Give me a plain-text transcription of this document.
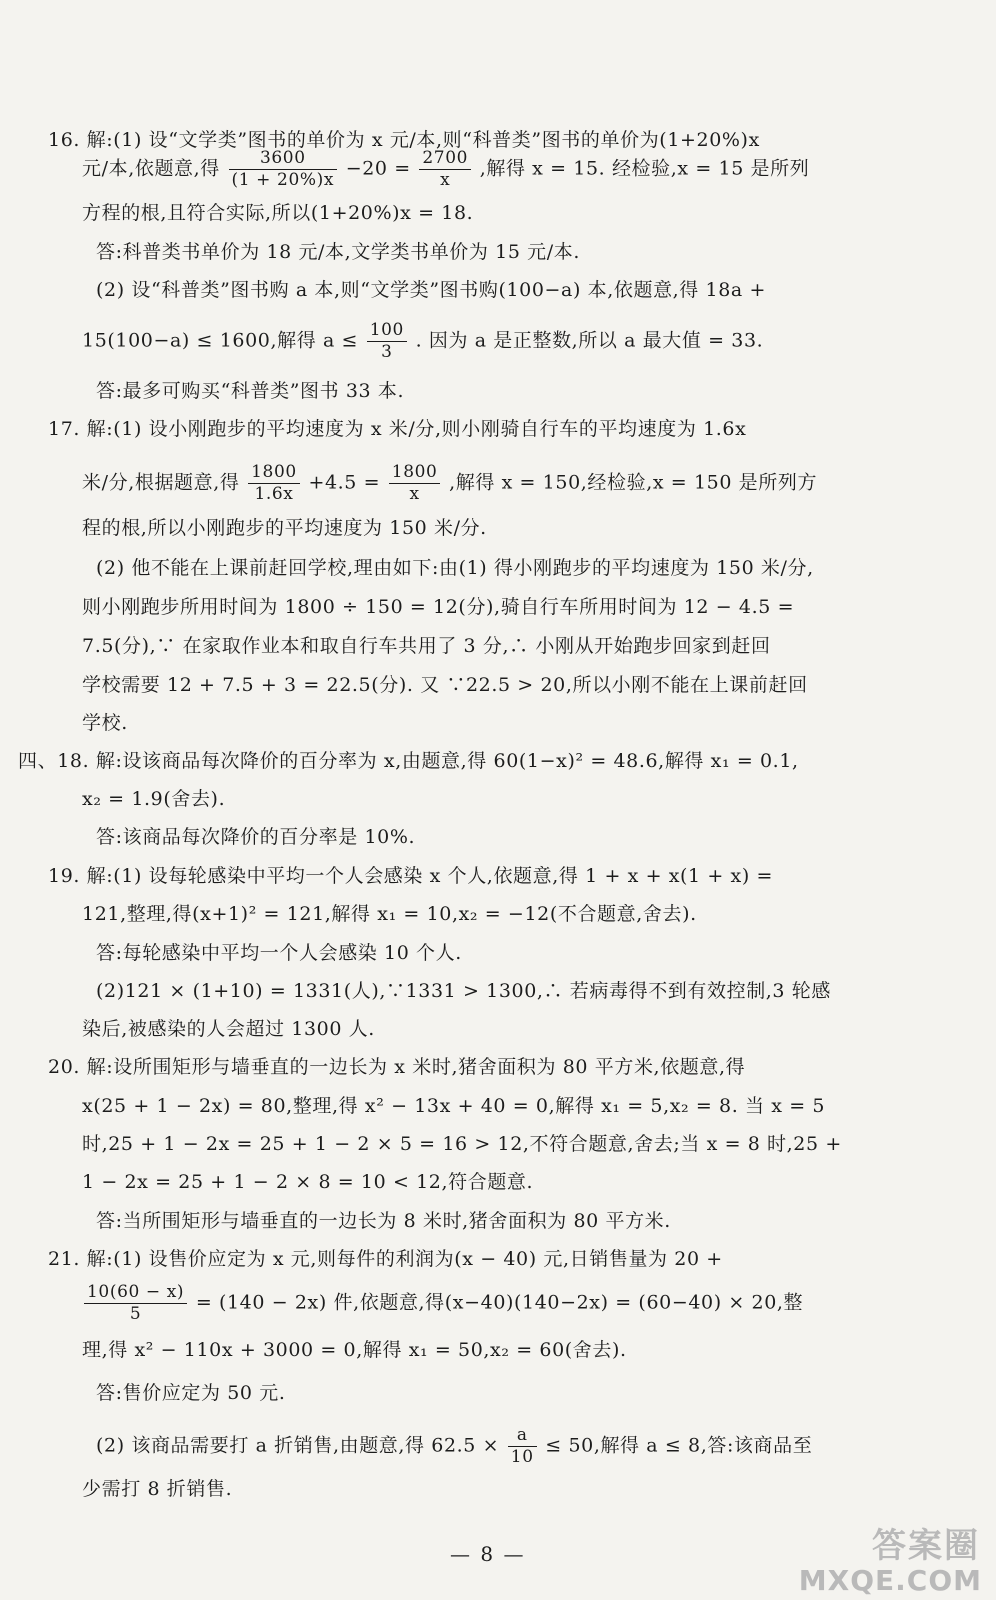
16. 解:(1) 设“文学类”图书的单价为 x 元/本,则“科普类”图书的单价为(1+20%)x
元/本,依题意,得 $\frac{3600}{(1 + 20\%)x} -20 = \frac{2700}{x}$ ,解得 x = 15. 经检验,x = 15 是所列
方程的根,且符合实际,所以(1+20%)x = 18.
答:科普类书单价为 18 元/本,文学类书单价为 15 元/本.
(2) 设“科普类”图书购 a 本,则“文学类”图书购(100−a) 本,依题意,得 18a +
15(100−a) ≤ 1600,解得 $a \le \frac{100}{3}$ . 因为 a 是正整数,所以 a 最大值 = 33.
答:最多可购买“科普类”图书 33 本.
17. 解:(1) 设小刚跑步的平均速度为 x 米/分,则小刚骑自行车的平均速度为 1.6x
米/分,根据题意,得 $\frac{1800}{1.6x} +4.5 = \frac{1800}{x}$ ,解得 x = 150,经检验,x = 150 是所列方
程的根,所以小刚跑步的平均速度为 150 米/分.
(2) 他不能在上课前赶回学校,理由如下:由(1) 得小刚跑步的平均速度为 150 米/分,
则小刚跑步所用时间为 1800 ÷ 150 = 12(分),骑自行车所用时间为 12 − 4.5 =
7.5(分),∵ 在家取作业本和取自行车共用了 3 分,∴ 小刚从开始跑步回家到赶回
学校需要 12 + 7.5 + 3 = 22.5(分). 又 ∵22.5 > 20,所以小刚不能在上课前赶回
学校.
四、18. 解:设该商品每次降价的百分率为 x,由题意,得 60(1−x)² = 48.6,解得 x₁ = 0.1,
x₂ = 1.9(舍去).
答:该商品每次降价的百分率是 10%.
19. 解:(1) 设每轮感染中平均一个人会感染 x 个人,依题意,得 1 + x + x(1 + x) =
121,整理,得(x+1)² = 121,解得 x₁ = 10,x₂ = −12(不合题意,舍去).
答:每轮感染中平均一个人会感染 10 个人.
(2)121 × (1+10) = 1331(人),∵1331 > 1300,∴ 若病毒得不到有效控制,3 轮感
染后,被感染的人会超过 1300 人.
20. 解:设所围矩形与墙垂直的一边长为 x 米时,猪舍面积为 80 平方米,依题意,得
x(25 + 1 − 2x) = 80,整理,得 x² − 13x + 40 = 0,解得 x₁ = 5,x₂ = 8. 当 x = 5
时,25 + 1 − 2x = 25 + 1 − 2 × 5 = 16 > 12,不符合题意,舍去;当 x = 8 时,25 +
1 − 2x = 25 + 1 − 2 × 8 = 10 < 12,符合题意.
答:当所围矩形与墙垂直的一边长为 8 米时,猪舍面积为 80 平方米.
21. 解:(1) 设售价应定为 x 元,则每件的利润为(x − 40) 元,日销售量为 20 +
$\frac{10(60 - x)}{5} = (140 - 2x)$ 件,依题意,得(x−40)(140−2x) = (60−40) × 20,整
理,得 x² − 110x + 3000 = 0,解得 x₁ = 50,x₂ = 60(舍去).
答:售价应定为 50 元.
(2) 该商品需要打 a 折销售,由题意,得 $62.5 \times \frac{a}{10} \le 50$,解得 a ≤ 8,答:该商品至
少需打 8 折销售.
— 8 —	答案圈
MXQE.COM
